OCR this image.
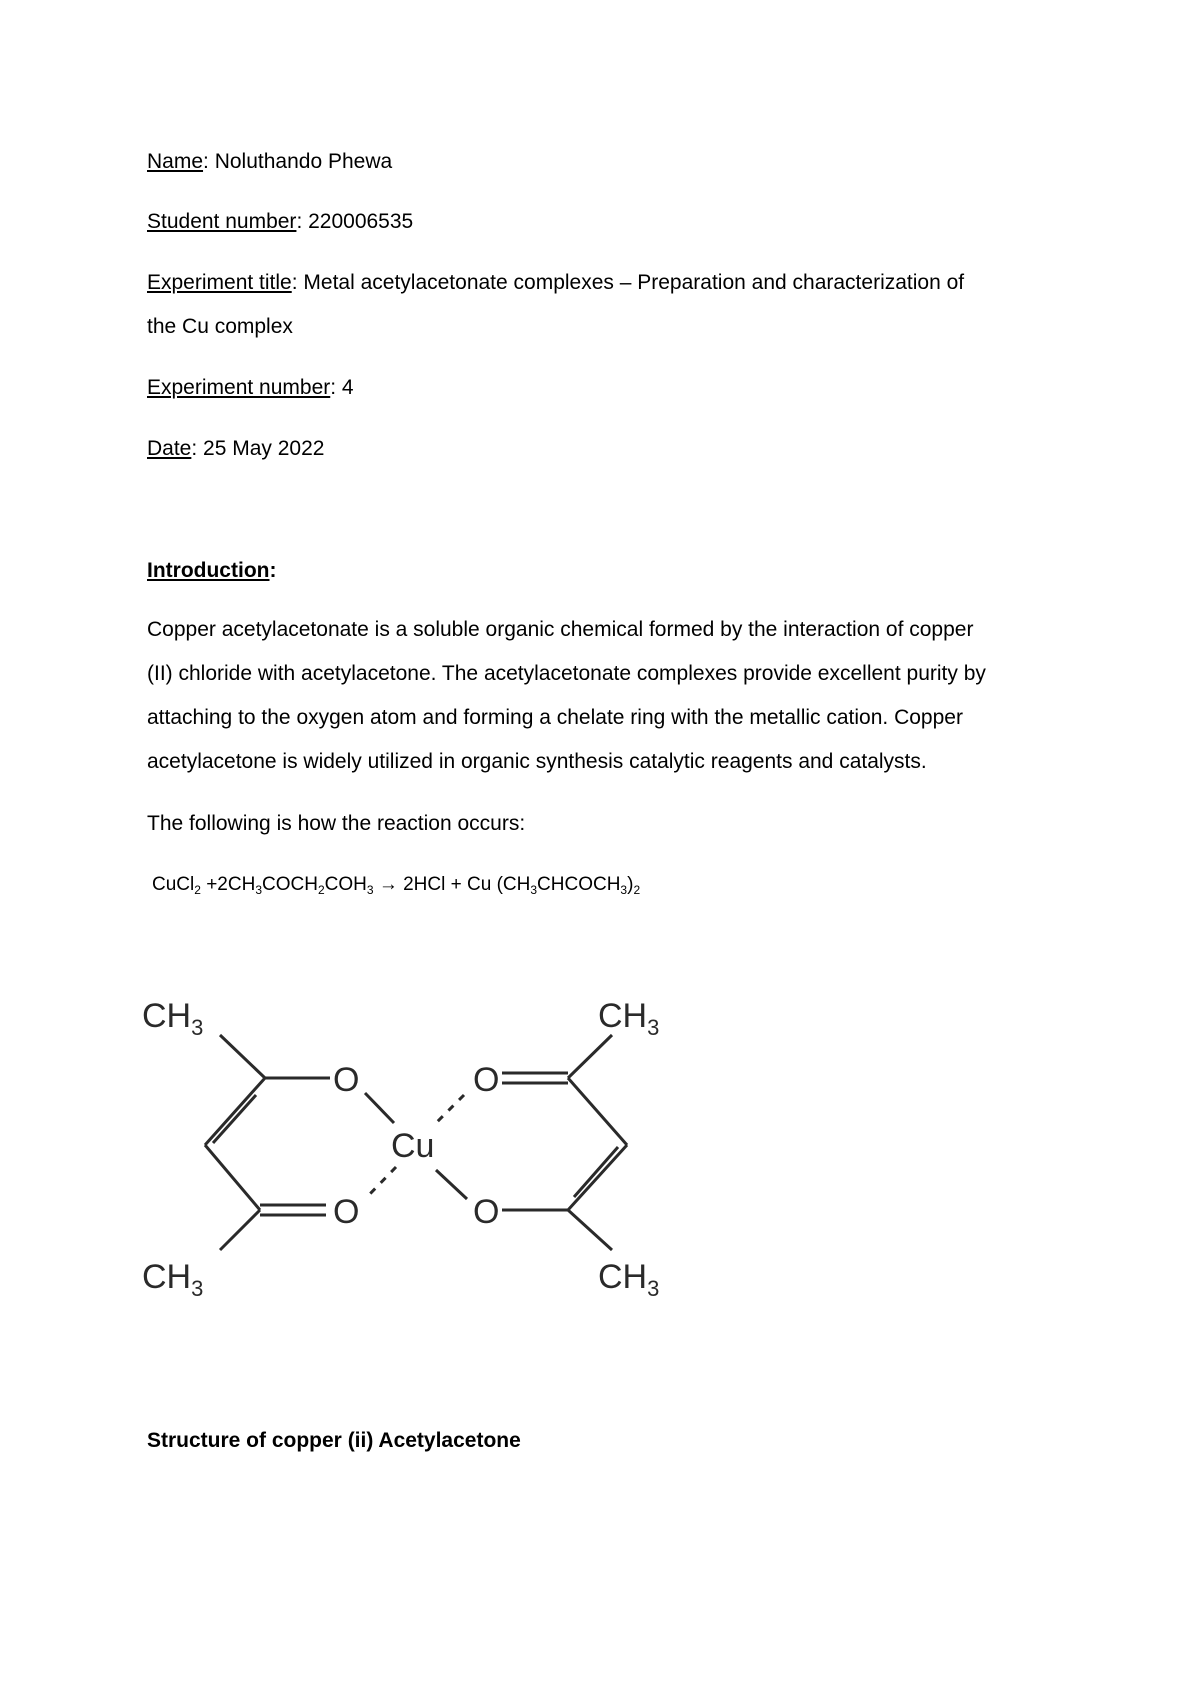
Name: Noluthando Phewa
Student number: 220006535
Experiment title: Metal acetylacetonate complexes – Preparation and characterization of
the Cu complex
Experiment number: 4
Date: 25 May 2022
Introduction:
Copper acetylacetonate is a soluble organic chemical formed by the interaction of copper
(II) chloride with acetylacetone. The acetylacetonate complexes provide excellent purity by
attaching to the oxygen atom and forming a chelate ring with the metallic cation. Copper
acetylacetone is widely utilized in organic synthesis catalytic reagents and catalysts.
The following is how the reaction occurs:
CuCl$_2$ $+2CH_3COCH_2COH_3 \to 2HCl + Cu$ $(CH_3CHCOCH_3)_2$
$CH_3$	$CH_3$
$CH_3$	$CH_3$
O	O
O	O
Cu
Structure of copper (ii) Acetylacetone
